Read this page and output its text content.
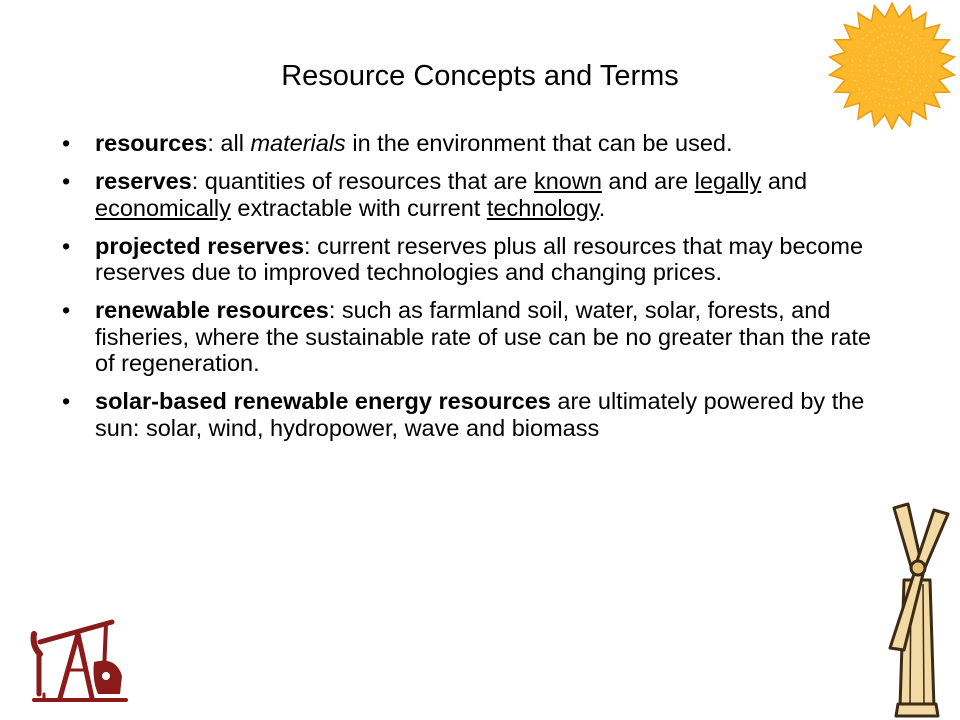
Resource Concepts and Terms
• resources: all materials in the environment that can be used.
• reserves: quantities of resources that are known and are legally and economically extractable with current technology.
• projected reserves: current reserves plus all resources that may become reserves due to improved technologies and changing prices.
• renewable resources: such as farmland soil, water, solar, forests, and fisheries, where the sustainable rate of use can be no greater than the rate of regeneration.
• solar-based renewable energy resources are ultimately powered by the sun: solar, wind, hydropower, wave and biomass
